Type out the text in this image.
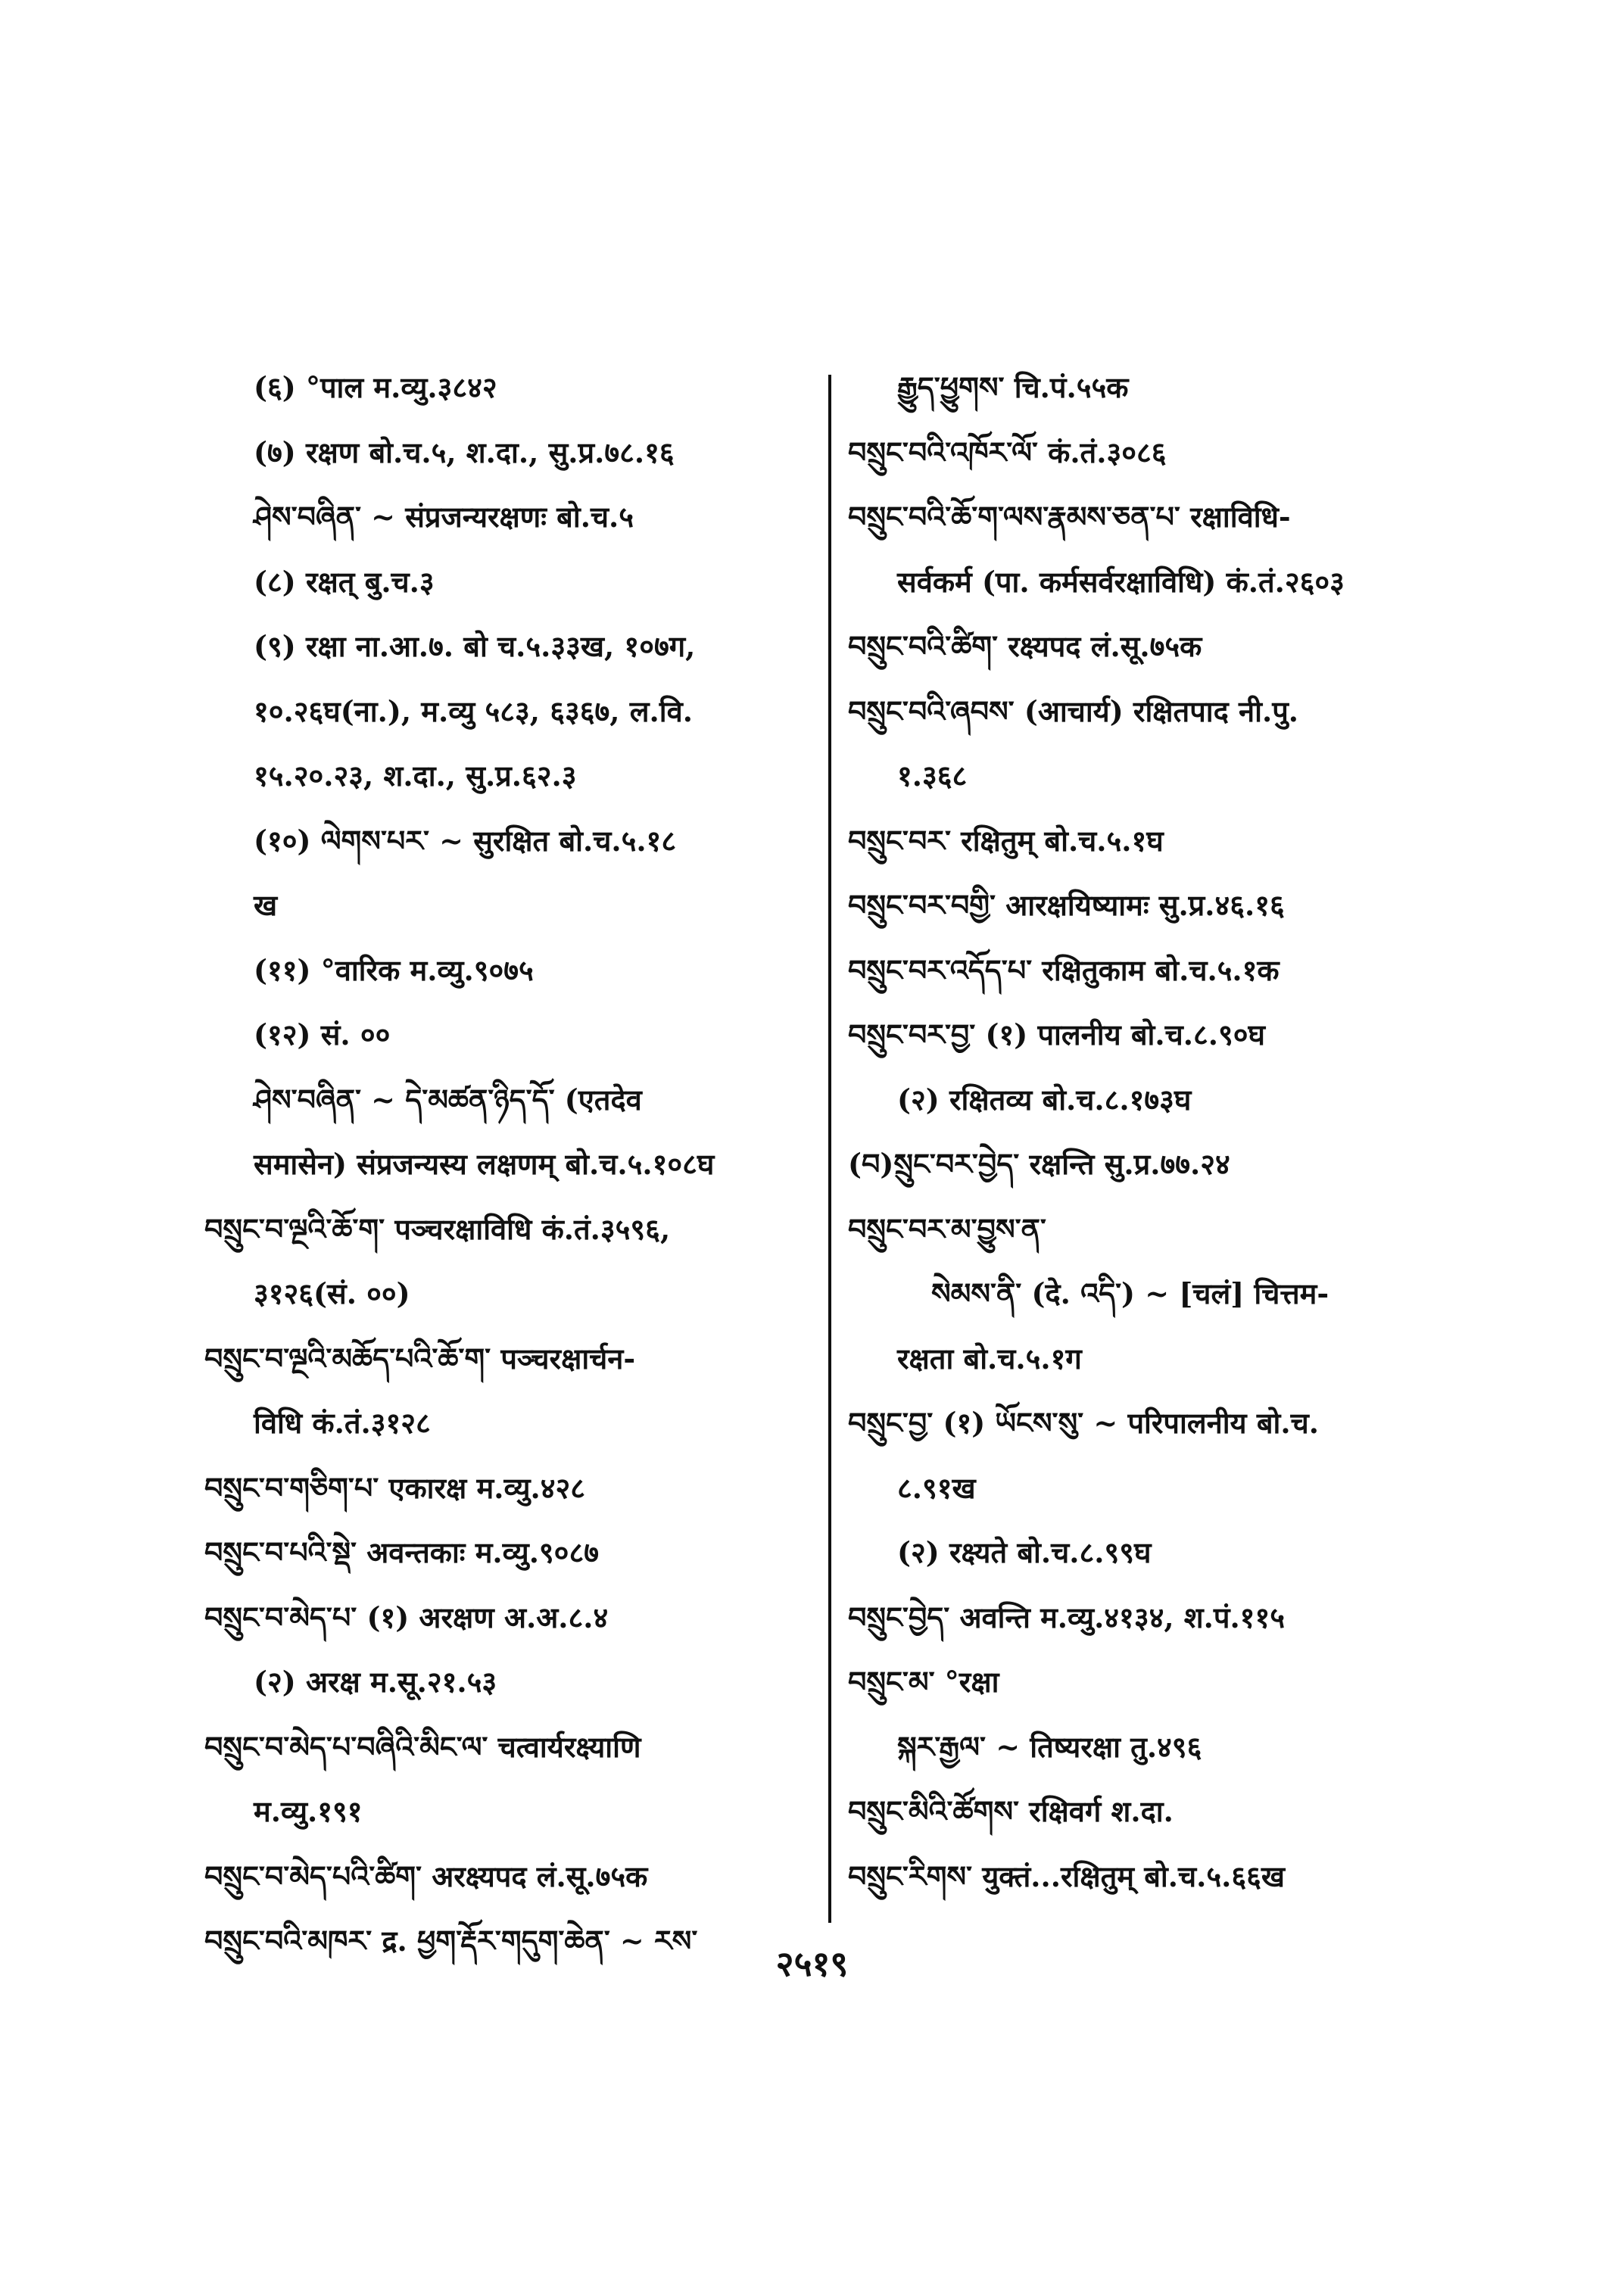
(६) °पाल म.व्यु.३८४२
(७) रक्षण बो.च.५, श.दा., सु.प्र.७८.१६
ཤེས་བཞིན་ ~ संप्रजन्यरक्षणः बो.च.५
(८) रक्षत् बु.च.३
(९) रक्षा ना.आ.७. बो च.५.३३ख, १०७ग,
१०.२६घ(ना.), म.व्यु ५८३, ६३६७, ल.वि.
१५.२०.२३, श.दा., सु.प्र.६२.३
(१०) ལེགས་པར་ ~ सुरक्षित बो.च.५.१८
ख
(११) °वारिक म.व्यु.९०७५
(१२) सं. ००
ཤེས་བཞིན་ ~ དེ་མཚན་ཉིད་དོ་ (एतदेव
समासेन) संप्रजन्यस्य लक्षणम् बो.च.५.१०८घ
བསྲུང་བ་ལྔའི་ཆོ་ག་ पञ्चरक्षाविधि कं.तं.३५९६,
३१२६(सं. ००)
བསྲུང་བ་ལྔའི་མཆོད་པའི་ཆོ་ག་ पञ्चरक्षार्चन-
विधि कं.तं.३१२८
བསྲུང་བ་གཅིག་པ་ एकारक्ष म.व्यु.४२८
བསྲུང་བ་པའི་སྡེ་ अवन्तकाः म.व्यु.९०८७
བསྲུང་བ་མེད་པ་ (१) अरक्षण अ.अ.८.४
(२) अरक्ष म.सू.२१.५३
བསྲུང་བ་མེད་པ་བཞིའི་མིང་ལ་ चत्वार्यरक्ष्याणि
म.व्यु.१९१
བསྲུང་བ་མེད་པའི་ཚིག་ अरक्ष्यपद लं.सू.७५क
བསྲུང་བའི་མཁར་ द्र. ཕྱག་རྡོར་གདུག་ཆེན་ ~ རས་
རྒྱུད་ཕྱུགས་ चि.पं.५५क
བསྲུང་བའི་འཁོར་ལོ་ कं.तं.३०८६
བསྲུང་བའི་ཆོ་ག་ལས་རྣམས་ཅན་པ་ रक्षाविधि-
सर्वकर्म (पा. कर्मसर्वरक्षाविधि) कं.तं.२६०३
བསྲུང་བའི་ཚིག་ रक्ष्यपद लं.सू.७५क
བསྲུང་བའི་ཞབས་ (आचार्य) रक्षितपाद नी.पु.
१.३६८
བསྲུང་བར་ रक्षितुम् बो.च.५.१घ
བསྲུང་བར་བགྱི་ आरक्षयिष्यामः सु.प्र.४६.१६
བསྲུང་བར་འདོད་པ་ रक्षितुकाम बो.च.५.१क
བསྲུང་བར་བྱ་ (१) पालनीय बो.च.८.९०घ
(२) रक्षितव्य बो.च.८.१७३घ
(བ)སྲུང་བར་བྱེད་ रक्षन्ति सु.प्र.७७.२४
བསྲུང་བར་མ་བྱུས་ན་
སེམས་ནི་ (दे. འདི་) ~ [चलं] चित्तम-
रक्षता बो.च.५.१ग
བསྲུང་བྱ་ (१) ཡོངས་སུ་ ~ परिपालनीय बो.च.
८.९१ख
(२) रक्ष्यते बो.च.८.९९घ
བསྲུང་བྱེད་ अवन्ति म.व्यु.४१३४, श.पं.११५
བསྲུང་མ་ °रक्षा
སྐར་རྒྱལ་ ~ तिष्यरक्षा तु.४९६
བསྲུང་མིའི་ཚོགས་ रक्षिवर्ग श.दा.
བསྲུང་རིགས་ युक्तं...रक्षितुम् बो.च.५.६६ख
२५१९
